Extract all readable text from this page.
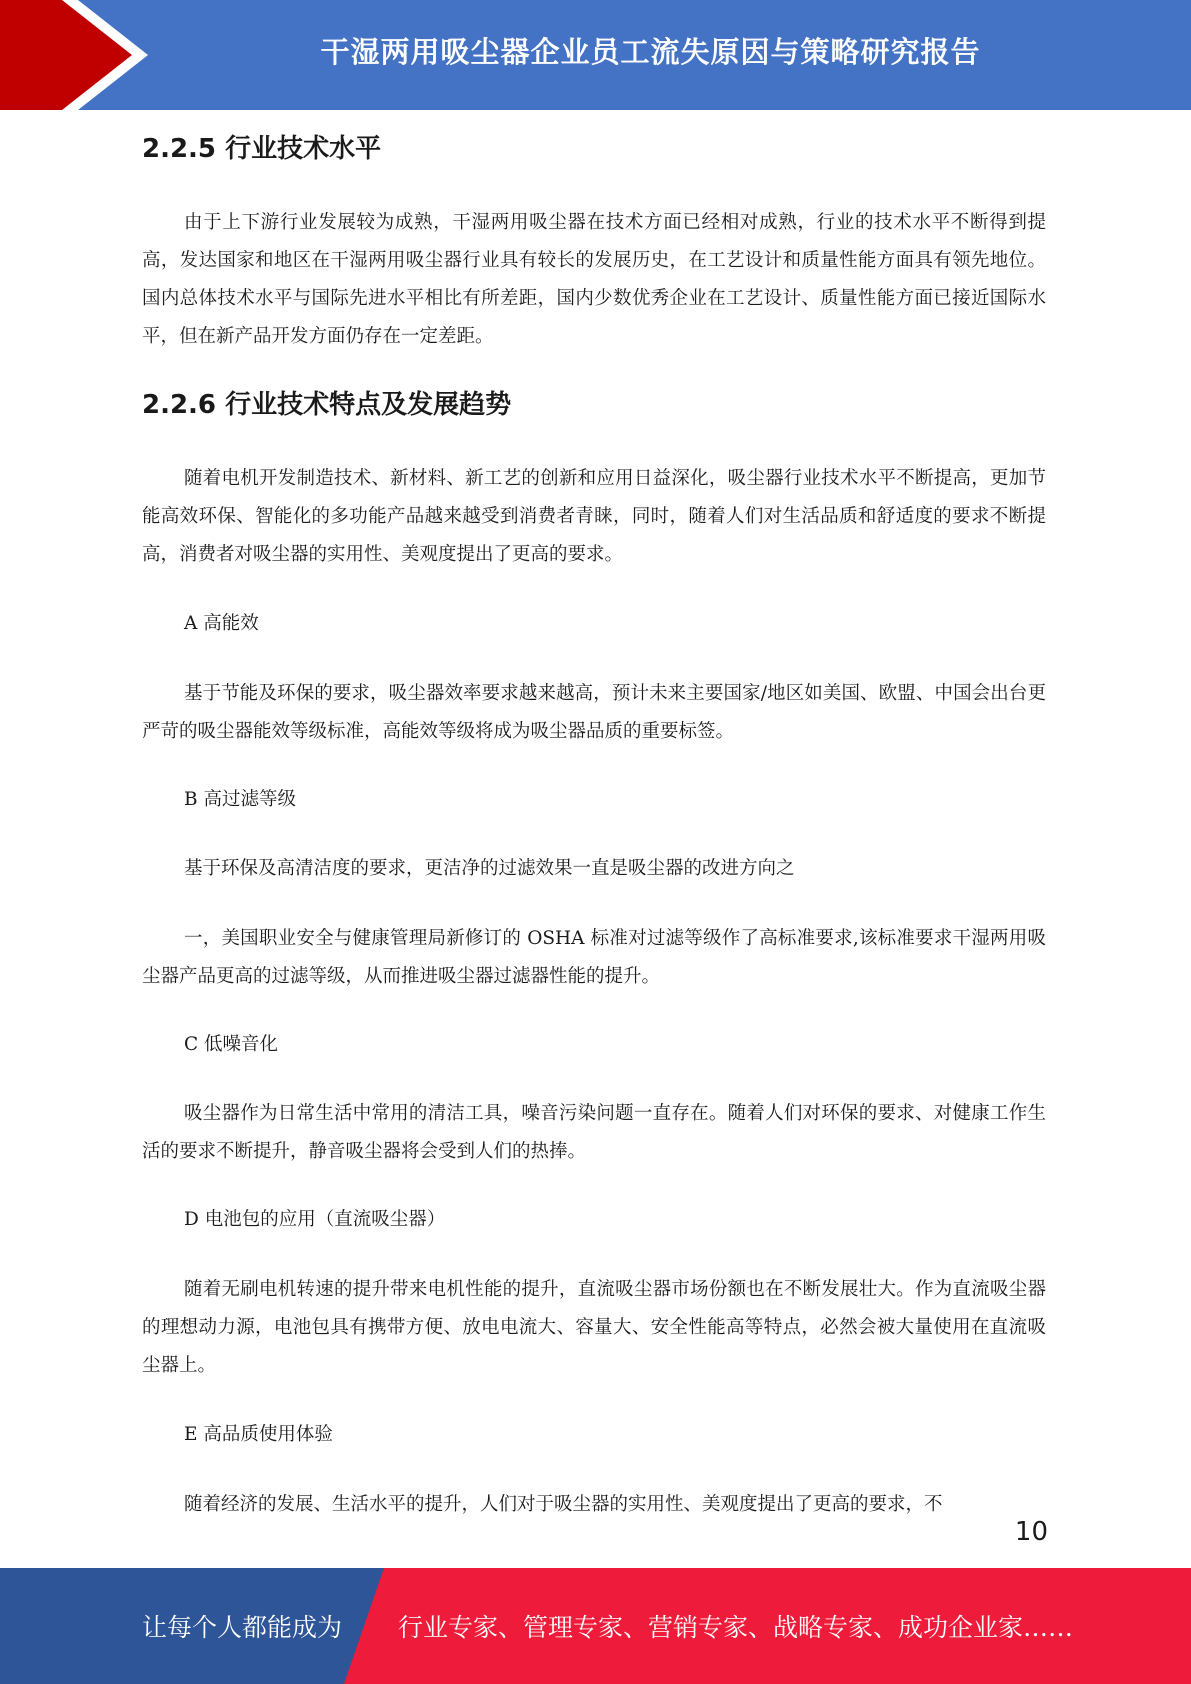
干湿两用吸尘器企业员工流失原因与策略研究报告
2.2.5 行业技术水平

由于上下游行业发展较为成熟，干湿两用吸尘器在技术方面已经相对成熟，行业的技术水平不断得到提高，发达国家和地区在干湿两用吸尘器行业具有较长的发展历史，在工艺设计和质量性能方面具有领先地位。国内总体技术水平与国际先进水平相比有所差距，国内少数优秀企业在工艺设计、质量性能方面已接近国际水平，但在新产品开发方面仍存在一定差距。

2.2.6 行业技术特点及发展趋势

随着电机开发制造技术、新材料、新工艺的创新和应用日益深化，吸尘器行业技术水平不断提高，更加节能高效环保、智能化的多功能产品越来越受到消费者青睐，同时，随着人们对生活品质和舒适度的要求不断提高，消费者对吸尘器的实用性、美观度提出了更高的要求。

A 高能效

基于节能及环保的要求，吸尘器效率要求越来越高，预计未来主要国家/地区如美国、欧盟、中国会出台更严苛的吸尘器能效等级标准，高能效等级将成为吸尘器品质的重要标签。

B 高过滤等级

基于环保及高清洁度的要求，更洁净的过滤效果一直是吸尘器的改进方向之

一，美国职业安全与健康管理局新修订的 OSHA 标准对过滤等级作了高标准要求,该标准要求干湿两用吸尘器产品更高的过滤等级，从而推进吸尘器过滤器性能的提升。

C 低噪音化

吸尘器作为日常生活中常用的清洁工具，噪音污染问题一直存在。随着人们对环保的要求、对健康工作生活的要求不断提升，静音吸尘器将会受到人们的热捧。

D 电池包的应用（直流吸尘器）

随着无刷电机转速的提升带来电机性能的提升，直流吸尘器市场份额也在不断发展壮大。作为直流吸尘器的理想动力源，电池包具有携带方便、放电电流大、容量大、安全性能高等特点，必然会被大量使用在直流吸尘器上。

E 高品质使用体验

随着经济的发展、生活水平的提升，人们对于吸尘器的实用性、美观度提出了更高的要求，不

10
让每个人都能成为 行业专家、管理专家、营销专家、战略专家、成功企业家……
